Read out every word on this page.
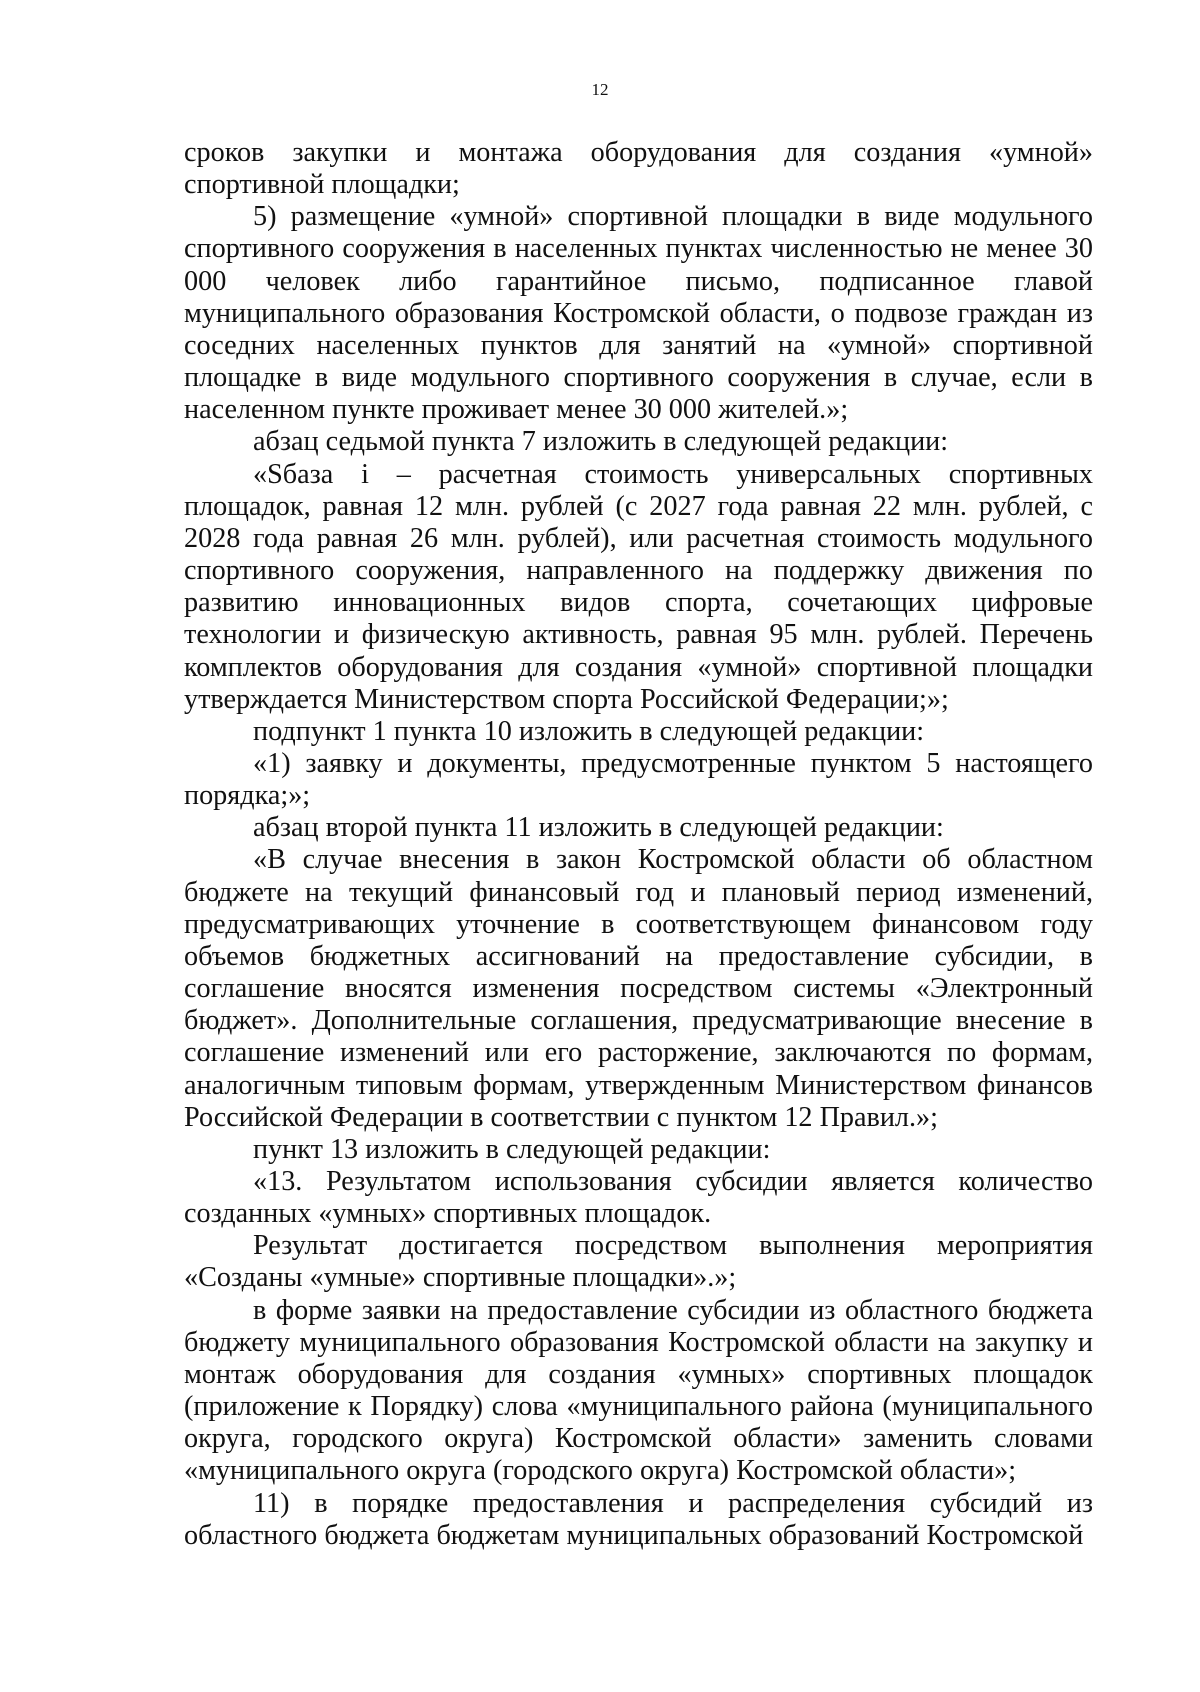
12

сроков закупки и монтажа оборудования для создания «умной» спортивной площадки;

5) размещение «умной» спортивной площадки в виде модульного спортивного сооружения в населенных пунктах численностью не менее 30 000 человек либо гарантийное письмо, подписанное главой муниципального образования Костромской области, о подвозе граждан из соседних населенных пунктов для занятий на «умной» спортивной площадке в виде модульного спортивного сооружения в случае, если в населенном пункте проживает менее 30 000 жителей.»;

абзац седьмой пункта 7 изложить в следующей редакции:

«Sбаза i – расчетная стоимость универсальных спортивных площадок, равная 12 млн. рублей (с 2027 года равная 22 млн. рублей, с 2028 года равная 26 млн. рублей), или расчетная стоимость модульного спортивного сооружения, направленного на поддержку движения по развитию инновационных видов спорта, сочетающих цифровые технологии и физическую активность, равная 95 млн. рублей. Перечень комплектов оборудования для создания «умной» спортивной площадки утверждается Министерством спорта Российской Федерации;»;

подпункт 1 пункта 10 изложить в следующей редакции:

«1) заявку и документы, предусмотренные пунктом 5 настоящего порядка;»;

абзац второй пункта 11 изложить в следующей редакции:

«В случае внесения в закон Костромской области об областном бюджете на текущий финансовый год и плановый период изменений, предусматривающих уточнение в соответствующем финансовом году объемов бюджетных ассигнований на предоставление субсидии, в соглашение вносятся изменения посредством системы «Электронный бюджет». Дополнительные соглашения, предусматривающие внесение в соглашение изменений или его расторжение, заключаются по формам, аналогичным типовым формам, утвержденным Министерством финансов Российской Федерации в соответствии с пунктом 12 Правил.»;

пункт 13 изложить в следующей редакции:

«13. Результатом использования субсидии является количество созданных «умных» спортивных площадок.

Результат достигается посредством выполнения мероприятия «Созданы «умные» спортивные площадки».»;

в форме заявки на предоставление субсидии из областного бюджета бюджету муниципального образования Костромской области на закупку и монтаж оборудования для создания «умных» спортивных площадок (приложение к Порядку) слова «муниципального района (муниципального округа, городского округа) Костромской области» заменить словами «муниципального округа (городского округа) Костромской области»;

11) в порядке предоставления и распределения субсидий из областного бюджета бюджетам муниципальных образований Костромской
